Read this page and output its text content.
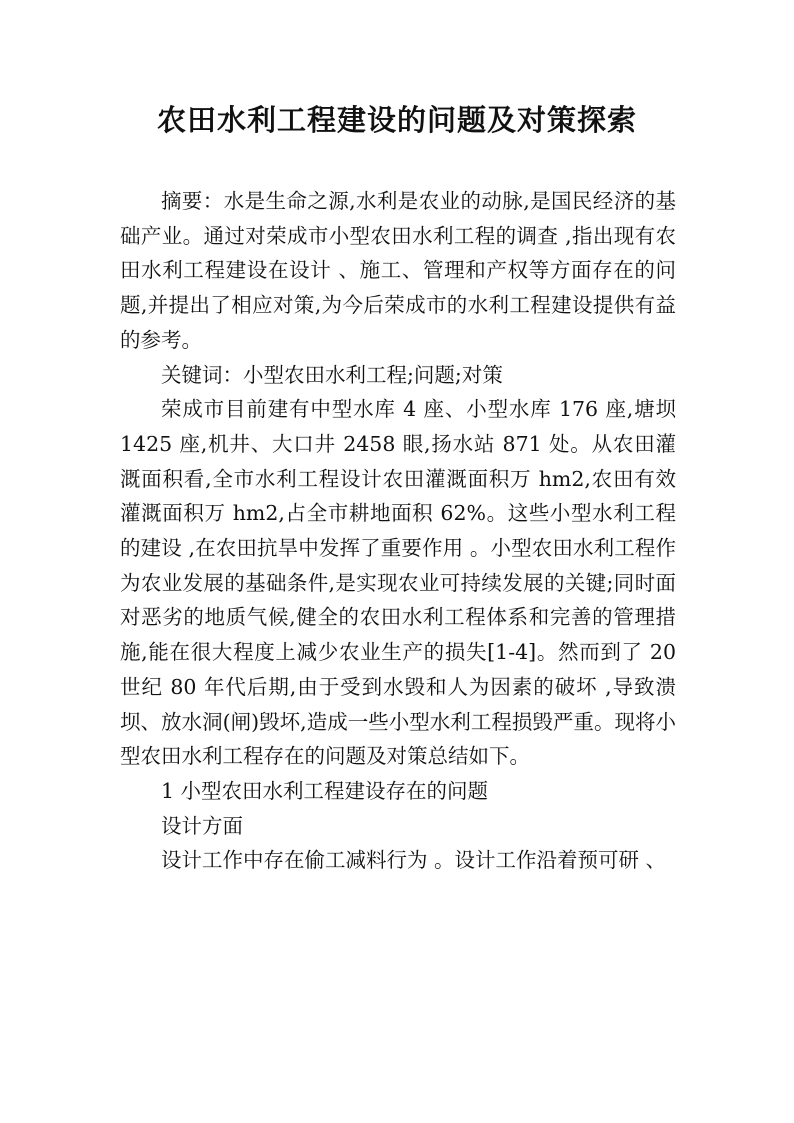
农田水利工程建设的问题及对策探索

摘要：水是生命之源,水利是农业的动脉,是国民经济的基础产业。通过对荣成市小型农田水利工程的调查 ,指出现有农田水利工程建设在设计 、施工、管理和产权等方面存在的问题,并提出了相应对策,为今后荣成市的水利工程建设提供有益的参考。

关键词：小型农田水利工程;问题;对策

荣成市目前建有中型水库 4 座、小型水库 176 座,塘坝 1425 座,机井、大口井 2458 眼,扬水站 871 处。从农田灌溉面积看,全市水利工程设计农田灌溉面积万 hm2,农田有效灌溉面积万 hm2,占全市耕地面积 62%。这些小型水利工程的建设 ,在农田抗旱中发挥了重要作用 。小型农田水利工程作为农业发展的基础条件,是实现农业可持续发展的关键;同时面对恶劣的地质气候,健全的农田水利工程体系和完善的管理措施,能在很大程度上减少农业生产的损失[1-4]。然而到了 20 世纪 80 年代后期,由于受到水毁和人为因素的破坏 ,导致溃坝、放水洞(闸)毁坏,造成一些小型水利工程损毁严重。现将小型农田水利工程存在的问题及对策总结如下。

1 小型农田水利工程建设存在的问题

设计方面

设计工作中存在偷工减料行为 。设计工作沿着预可研 、
